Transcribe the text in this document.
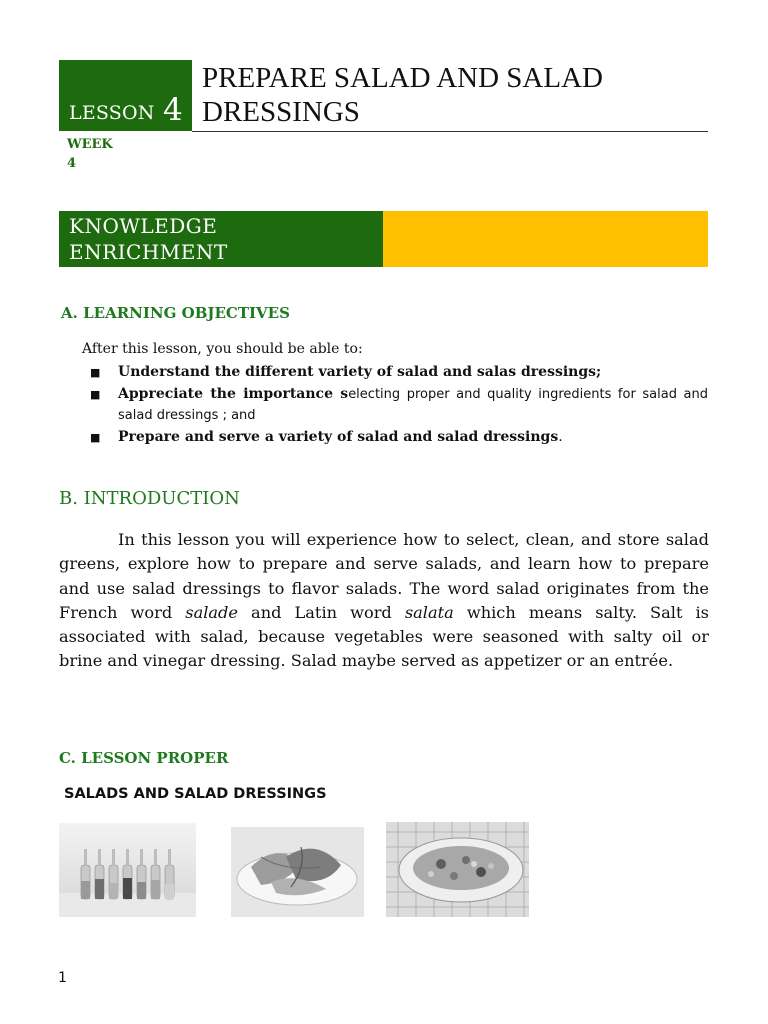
LESSON 4
PREPARE SALAD AND SALAD
DRESSINGS
WEEK
4
KNOWLEDGE
ENRICHMENT
A. LEARNING OBJECTIVES
After this lesson, you should be able to:
■ Understand the different variety of salad and salas dressings;
■ Appreciate the importance selecting proper and quality ingredients for salad and salad dressings ; and
■ Prepare and serve a variety of salad and salad dressings.
B. INTRODUCTION
In this lesson you will experience how to select, clean, and store salad greens, explore how to prepare and serve salads, and learn how to prepare and use salad dressings to flavor salads. The word salad originates from the French word salade and Latin word salata which means salty. Salt is associated with salad, because vegetables were seasoned with salty oil or brine and vinegar dressing. Salad maybe served as appetizer or an entrée.
C. LESSON PROPER
SALADS AND SALAD DRESSINGS
1
